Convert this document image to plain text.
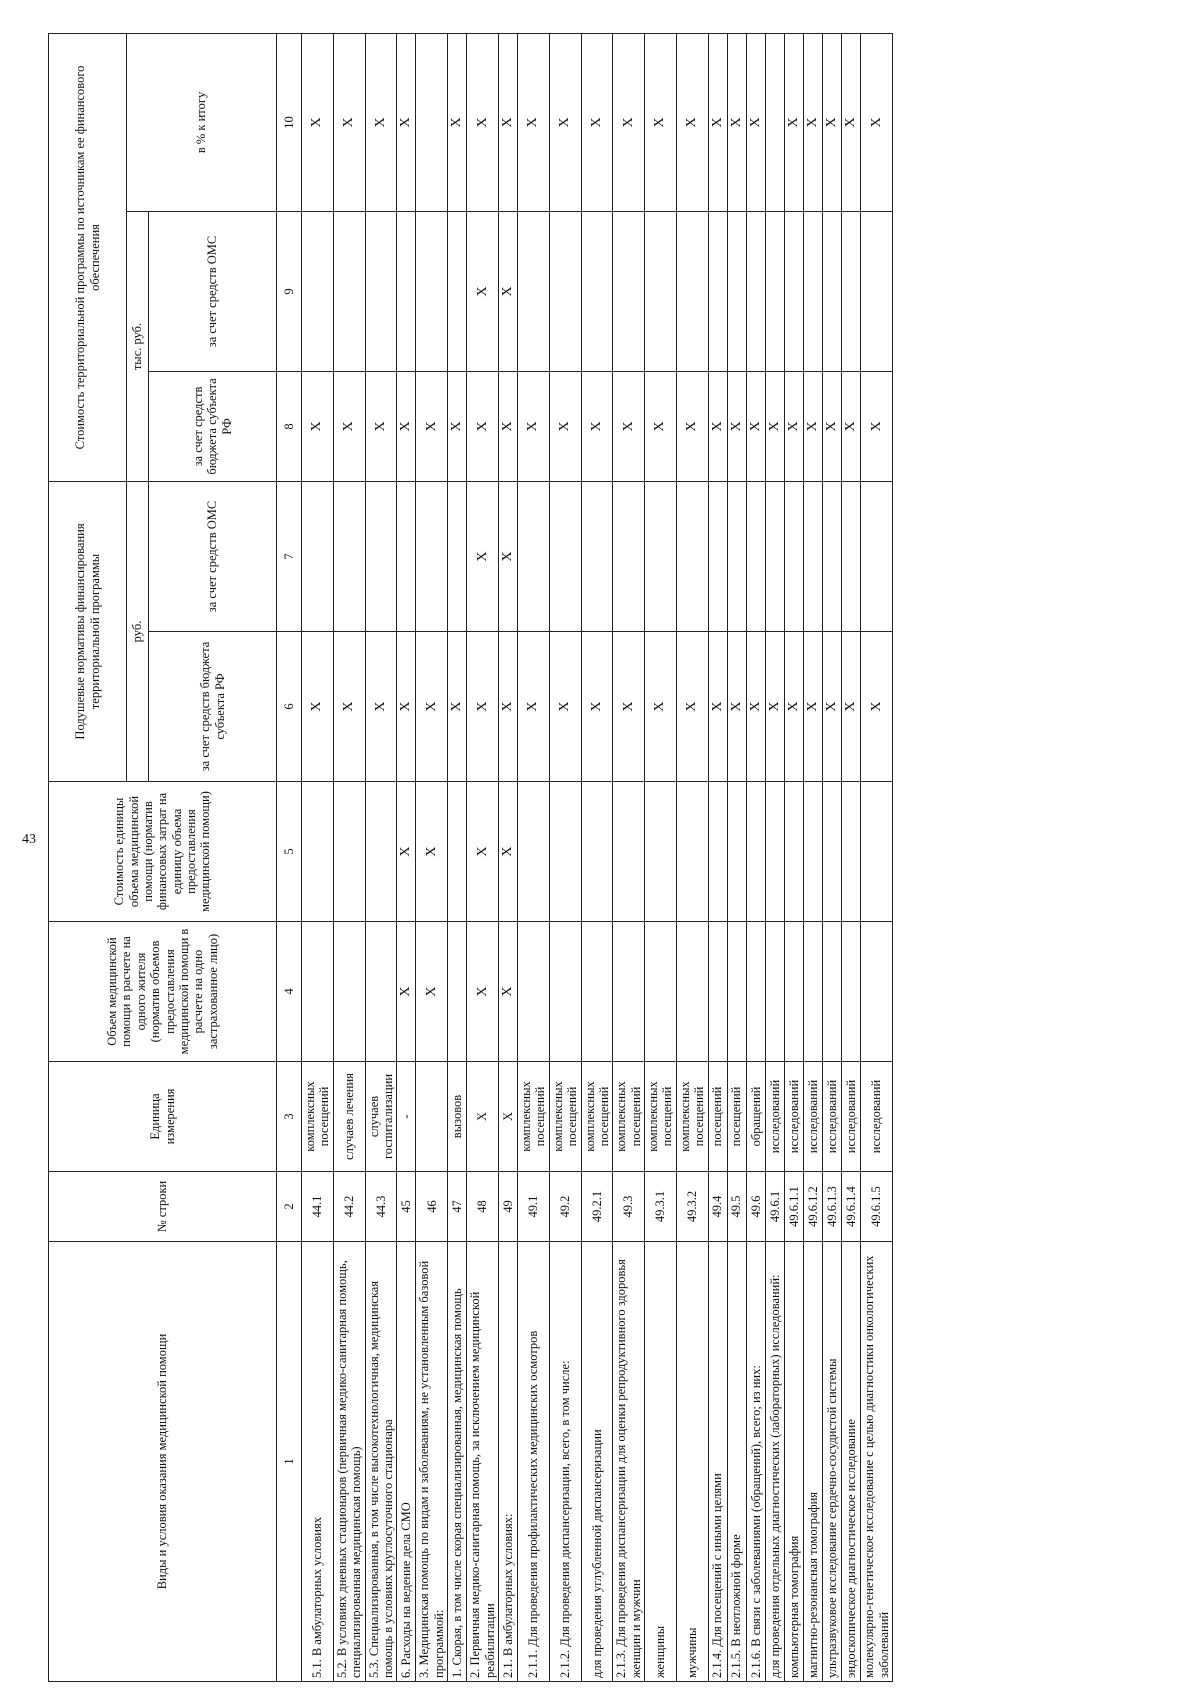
43
Виды и условия оказания медицинской помощи	№ строки	Единица измерения	Объем медицинской помощи в расчете на одного жителя (норматив объемов предоставления медицинской помощи в расчете на одно застрахованное лицо)	Стоимость единицы объема медицинской помощи (норматив финансовых затрат на единицу объема предоставления медицинской помощи)	Подушевые нормативы финансирования территориальной программы		Стоимость территориальной программы по источникам ее финансового обеспечения		
					руб.		тыс. руб.		в % к итогу
					за счет средств бюджета субъекта РФ	за счет средств ОМС	за счет средств бюджета субъекта РФ	за счет средств ОМС	
1	2	3	4	5	6	7	8	9	10
5.1. В амбулаторных условиях	44.1	комплексных посещений			X		X		X
5.2. В условиях дневных стационаров (первичная медико-санитарная помощь, специализированная медицинская помощь)	44.2	случаев лечения			X		X		X
5.3. Специализированная, в том числе высокотехнологичная, медицинская помощь в условиях круглосуточного стационара	44.3	случаев госпитализации			X		X		X
6. Расходы на ведение дела СМО	45	-	X	X	X		X		X
3. Медицинская помощь по видам и заболеваниям, не установленным базовой программой:	46		X	X	X		X		
1. Скорая, в том числе скорая специализированная, медицинская помощь	47	вызовов			X		X		X
2. Первичная медико-санитарная помощь, за исключением медицинской реабилитации	48	X	X	X	X	X	X	X	X
2.1. В амбулаторных условиях:	49	X	X	X	X	X	X	X	X
2.1.1. Для проведения профилактических медицинских осмотров	49.1	комплексных посещений			X		X		X
2.1.2. Для проведения диспансеризации, всего, в том числе:	49.2	комплексных посещений			X		X		X
для проведения углубленной диспансеризации	49.2.1	комплексных посещений			X		X		X
2.1.3. Для проведения диспансеризации для оценки репродуктивного здоровья женщин и мужчин	49.3	комплексных посещений			X		X		X
женщины	49.3.1	комплексных посещений			X		X		X
мужчины	49.3.2	комплексных посещений			X		X		X
2.1.4. Для посещений с иными целями	49.4	посещений			X		X		X
2.1.5. В неотложной форме	49.5	посещений			X		X		X
2.1.6. В связи с заболеваниями (обращений), всего; из них:	49.6	обращений			X		X		X
для проведения отдельных диагностических (лабораторных) исследований:	49.6.1	исследований			X		X		
компьютерная томография	49.6.1.1	исследований			X		X		X
магнитно-резонансная томография	49.6.1.2	исследований			X		X		X
ультразвуковое исследование сердечно-сосудистой системы	49.6.1.3	исследований			X		X		X
эндоскопическое диагностическое исследование	49.6.1.4	исследований			X		X		X
молекулярно-генетическое исследование с целью диагностики онкологических заболеваний	49.6.1.5	исследований			X		X		X
